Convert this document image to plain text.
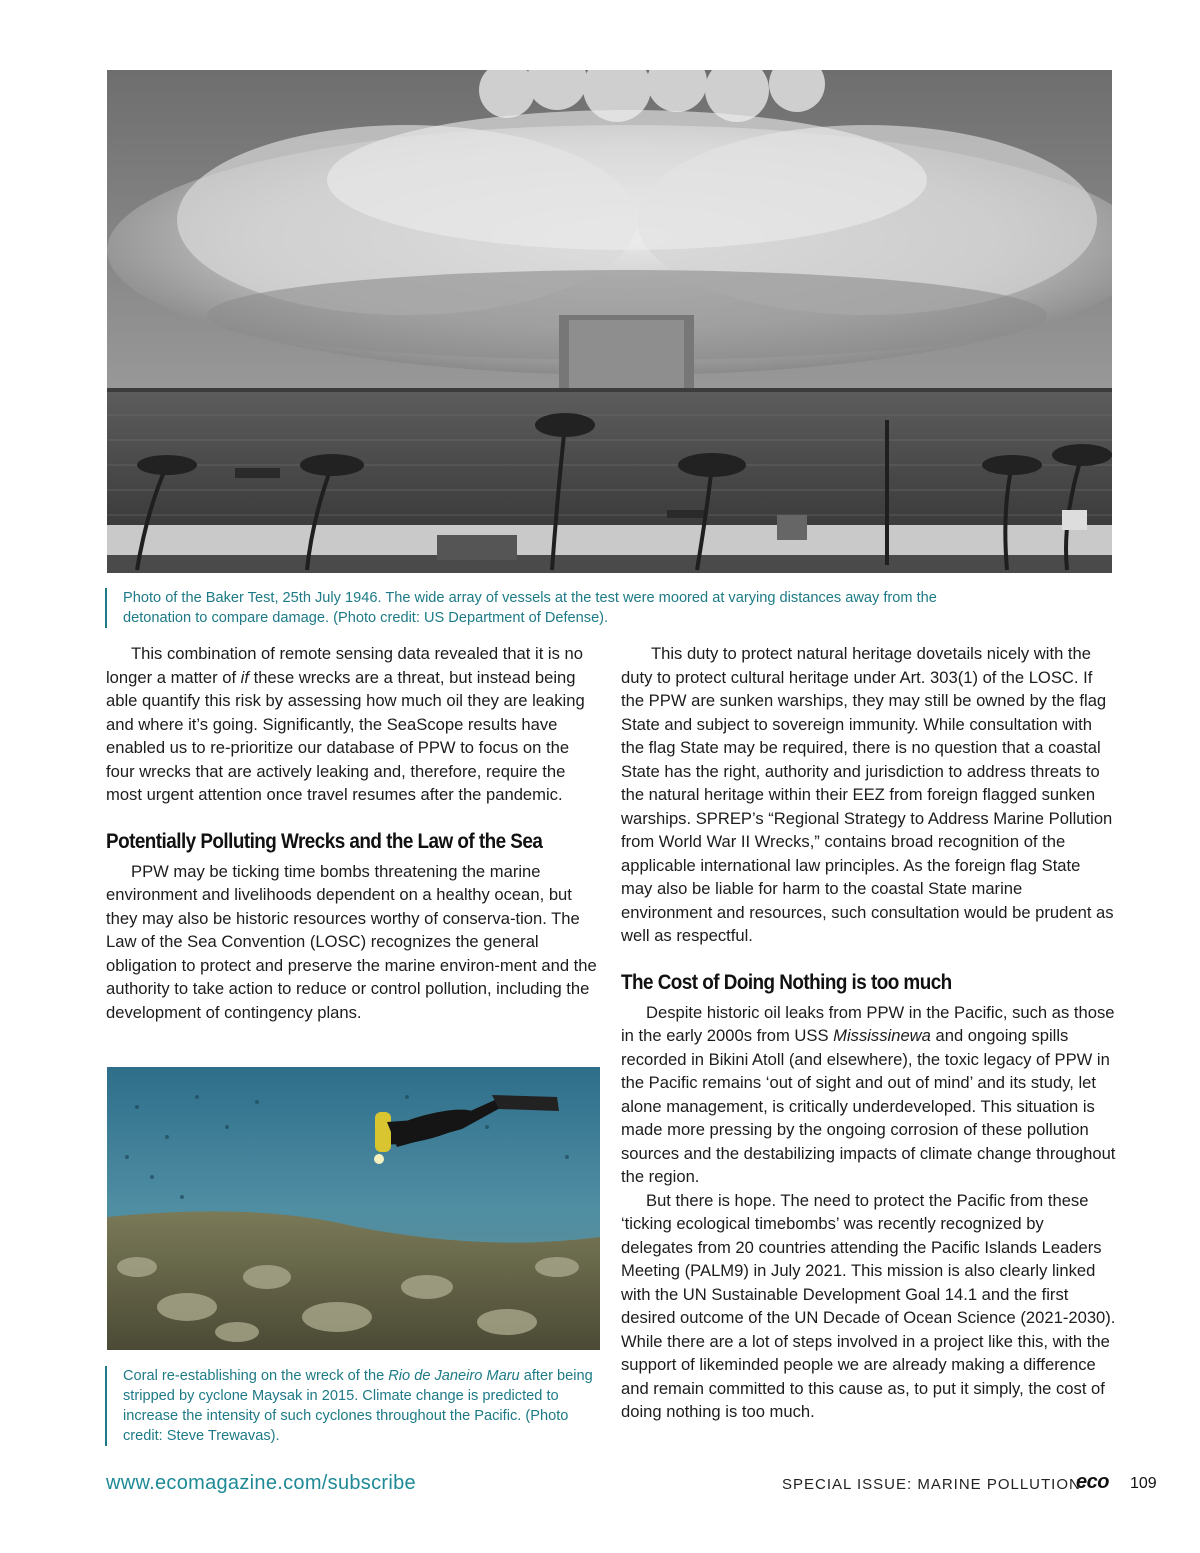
Photo of the Baker Test, 25th July 1946. The wide array of vessels at the test were moored at varying distances away from the detonation to compare damage. (Photo credit: US Department of Defense).

This combination of remote sensing data revealed that it is no longer a matter of if these wrecks are a threat, but instead being able quantify this risk by assessing how much oil they are leaking and where it’s going. Significantly, the SeaScope results have enabled us to re-prioritize our database of PPW to focus on the four wrecks that are actively leaking and, therefore, require the most urgent attention once travel resumes after the pandemic.

Potentially Polluting Wrecks and the Law of the Sea

PPW may be ticking time bombs threatening the marine environment and livelihoods dependent on a healthy ocean, but they may also be historic resources worthy of conserva-tion. The Law of the Sea Convention (LOSC) recognizes the general obligation to protect and preserve the marine environ-ment and the authority to take action to reduce or control pollution, including the development of contingency plans.

Coral re-establishing on the wreck of the Rio de Janeiro Maru after being stripped by cyclone Maysak in 2015. Climate change is predicted to increase the intensity of such cyclones throughout the Pacific. (Photo credit: Steve Trewavas).

This duty to protect natural heritage dovetails nicely with the duty to protect cultural heritage under Art. 303(1) of the LOSC. If the PPW are sunken warships, they may still be owned by the flag State and subject to sovereign immunity. While consultation with the flag State may be required, there is no question that a coastal State has the right, authority and jurisdiction to address threats to the natural heritage within their EEZ from foreign flagged sunken warships. SPREP’s “Regional Strategy to Address Marine Pollution from World War II Wrecks,” contains broad recognition of the applicable international law principles. As the foreign flag State may also be liable for harm to the coastal State marine environment and resources, such consultation would be prudent as well as respectful.

The Cost of Doing Nothing is too much

Despite historic oil leaks from PPW in the Pacific, such as those in the early 2000s from USS Mississinewa and ongoing spills recorded in Bikini Atoll (and elsewhere), the toxic legacy of PPW in the Pacific remains ‘out of sight and out of mind’ and its study, let alone management, is critically underdeveloped. This situation is made more pressing by the ongoing corrosion of these pollution sources and the destabilizing impacts of climate change throughout the region.

But there is hope. The need to protect the Pacific from these ‘ticking ecological timebombs’ was recently recognized by delegates from 20 countries attending the Pacific Islands Leaders Meeting (PALM9) in July 2021. This mission is also clearly linked with the UN Sustainable Development Goal 14.1 and the first desired outcome of the UN Decade of Ocean Science (2021-2030). While there are a lot of steps involved in a project like this, with the support of likeminded people we are already making a difference and remain committed to this cause as, to put it simply, the cost of doing nothing is too much.

www.ecomagazine.com/subscribe	SPECIAL ISSUE: MARINE POLLUTION
eco 109
